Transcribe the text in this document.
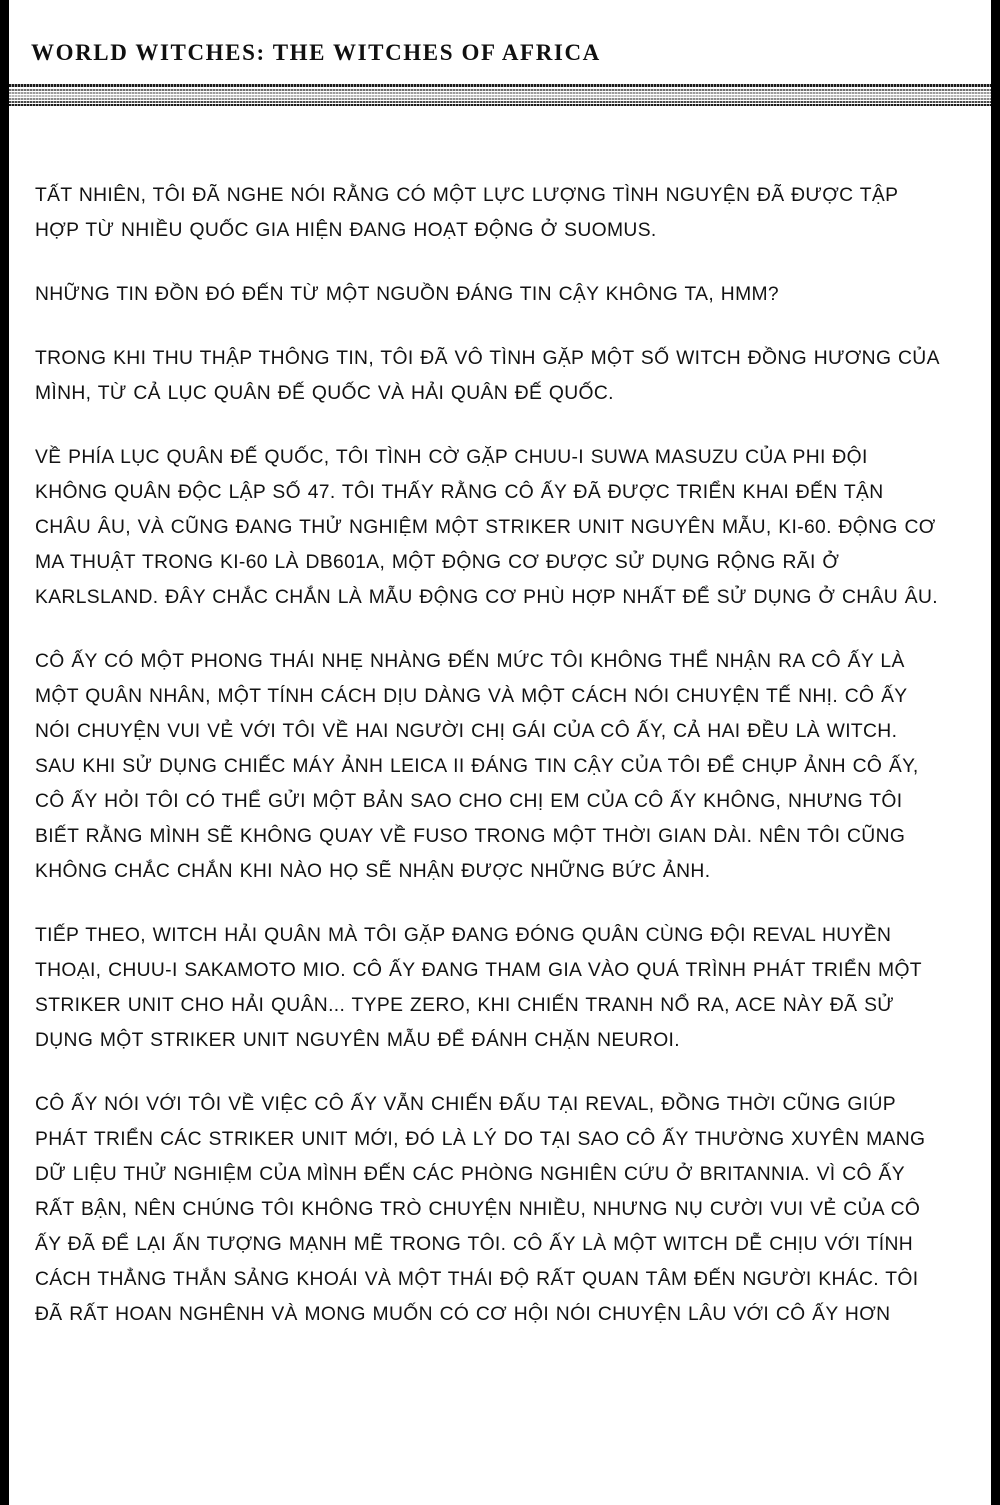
WORLD WITCHES: THE WITCHES OF AFRICA

TẤT NHIÊN, TÔI ĐÃ NGHE NÓI RẰNG CÓ MỘT LỰC LƯỢNG TÌNH NGUYỆN ĐÃ ĐƯỢC TẬP HỢP TỪ NHIỀU QUỐC GIA HIỆN ĐANG HOẠT ĐỘNG Ở SUOMUS.

NHỮNG TIN ĐỒN ĐÓ ĐẾN TỪ MỘT NGUỒN ĐÁNG TIN CẬY KHÔNG TA, HMM?

TRONG KHI THU THẬP THÔNG TIN, TÔI ĐÃ VÔ TÌNH GẶP MỘT SỐ WITCH ĐỒNG HƯƠNG CỦA MÌNH, TỪ CẢ LỤC QUÂN ĐẾ QUỐC VÀ HẢI QUÂN ĐẾ QUỐC.

VỀ PHÍA LỤC QUÂN ĐẾ QUỐC, TÔI TÌNH CỜ GẶP CHUU-I SUWA MASUZU CỦA PHI ĐỘI KHÔNG QUÂN ĐỘC LẬP SỐ 47. TÔI THẤY RẰNG CÔ ẤY ĐÃ ĐƯỢC TRIỂN KHAI ĐẾN TẬN CHÂU ÂU, VÀ CŨNG ĐANG THỬ NGHIỆM MỘT STRIKER UNIT NGUYÊN MẪU, KI-60. ĐỘNG CƠ MA THUẬT TRONG KI-60 LÀ DB601A, MỘT ĐỘNG CƠ ĐƯỢC SỬ DỤNG RỘNG RÃI Ở KARLSLAND. ĐÂY CHẮC CHẮN LÀ MẪU ĐỘNG CƠ PHÙ HỢP NHẤT ĐỂ SỬ DỤNG Ở CHÂU ÂU.

CÔ ẤY CÓ MỘT PHONG THÁI NHẸ NHÀNG ĐẾN MỨC TÔI KHÔNG THỂ NHẬN RA CÔ ẤY LÀ MỘT QUÂN NHÂN, MỘT TÍNH CÁCH DỊU DÀNG VÀ MỘT CÁCH NÓI CHUYỆN TẾ NHỊ. CÔ ẤY NÓI CHUYỆN VUI VẺ VỚI TÔI VỀ HAI NGƯỜI CHỊ GÁI CỦA CÔ ẤY, CẢ HAI ĐỀU LÀ WITCH. SAU KHI SỬ DỤNG CHIẾC MÁY ẢNH LEICA II ĐÁNG TIN CẬY CỦA TÔI ĐỂ CHỤP ẢNH CÔ ẤY, CÔ ẤY HỎI TÔI CÓ THỂ GỬI MỘT BẢN SAO CHO CHỊ EM CỦA CÔ ẤY KHÔNG, NHƯNG TÔI BIẾT RẰNG MÌNH SẼ KHÔNG QUAY VỀ FUSO TRONG MỘT THỜI GIAN DÀI. NÊN TÔI CŨNG KHÔNG CHẮC CHẮN KHI NÀO HỌ SẼ NHẬN ĐƯỢC NHỮNG BỨC ẢNH.

TIẾP THEO, WITCH HẢI QUÂN MÀ TÔI GẶP ĐANG ĐÓNG QUÂN CÙNG ĐỘI REVAL HUYỀN THOẠI, CHUU-I SAKAMOTO MIO. CÔ ẤY ĐANG THAM GIA VÀO QUÁ TRÌNH PHÁT TRIỂN MỘT STRIKER UNIT CHO HẢI QUÂN... TYPE ZERO, KHI CHIẾN TRANH NỔ RA, ACE NÀY ĐÃ SỬ DỤNG MỘT STRIKER UNIT NGUYÊN MẪU ĐỂ ĐÁNH CHẶN NEUROI.

CÔ ẤY NÓI VỚI TÔI VỀ VIỆC CÔ ẤY VẪN CHIẾN ĐẤU TẠI REVAL, ĐỒNG THỜI CŨNG GIÚP PHÁT TRIỂN CÁC STRIKER UNIT MỚI, ĐÓ LÀ LÝ DO TẠI SAO CÔ ẤY THƯỜNG XUYÊN MANG DỮ LIỆU THỬ NGHIỆM CỦA MÌNH ĐẾN CÁC PHÒNG NGHIÊN CỨU Ở BRITANNIA. VÌ CÔ ẤY RẤT BẬN, NÊN CHÚNG TÔI KHÔNG TRÒ CHUYỆN NHIỀU, NHƯNG NỤ CƯỜI VUI VẺ CỦA CÔ ẤY ĐÃ ĐỂ LẠI ẤN TƯỢNG MẠNH MẼ TRONG TÔI. CÔ ẤY LÀ MỘT WITCH DỄ CHỊU VỚI TÍNH CÁCH THẲNG THẮN SẢNG KHOÁI VÀ MỘT THÁI ĐỘ RẤT QUAN TÂM ĐẾN NGƯỜI KHÁC. TÔI ĐÃ RẤT HOAN NGHÊNH VÀ MONG MUỐN CÓ CƠ HỘI NÓI CHUYỆN LÂU VỚI CÔ ẤY HƠN
